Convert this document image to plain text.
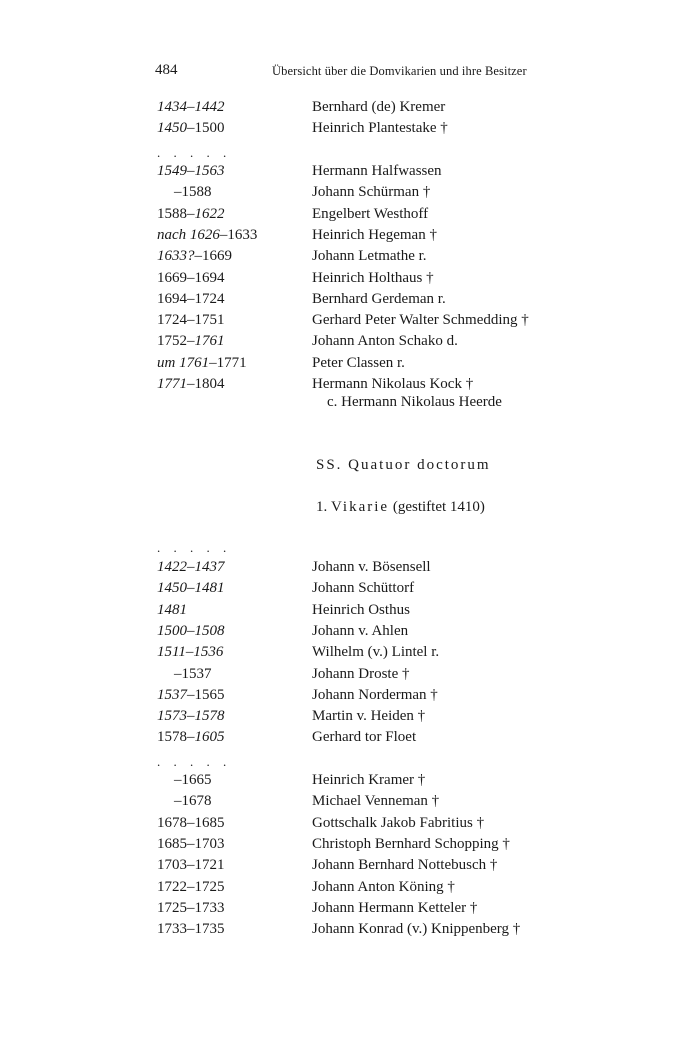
484	Übersicht über die Domvikarien und ihre Besitzer
1434–1442	Bernhard (de) Kremer
1450–1500	Heinrich Plantestake †
. . . . .
1549–1563	Hermann Halfwassen
–1588	Johann Schürman †
1588–1622	Engelbert Westhoff
nach 1626–1633	Heinrich Hegeman †
1633?–1669	Johann Letmathe r.
1669–1694	Heinrich Holthaus †
1694–1724	Bernhard Gerdeman r.
1724–1751	Gerhard Peter Walter Schmedding †
1752–1761	Johann Anton Schako d.
um 1761–1771	Peter Classen r.
1771–1804	Hermann Nikolaus Kock †
c. Hermann Nikolaus Heerde
SS. Quatuor doctorum
1. Vikarie (gestiftet 1410)
. . . . .
1422–1437	Johann v. Bösensell
1450–1481	Johann Schüttorf
1481	Heinrich Osthus
1500–1508	Johann v. Ahlen
1511–1536	Wilhelm (v.) Lintel r.
–1537	Johann Droste †
1537–1565	Johann Norderman †
1573–1578	Martin v. Heiden †
1578–1605	Gerhard tor Floet
. . . . .
–1665	Heinrich Kramer †
–1678	Michael Venneman †
1678–1685	Gottschalk Jakob Fabritius †
1685–1703	Christoph Bernhard Schopping †
1703–1721	Johann Bernhard Nottebusch †
1722–1725	Johann Anton Köning †
1725–1733	Johann Hermann Ketteler †
1733–1735	Johann Konrad (v.) Knippenberg †
